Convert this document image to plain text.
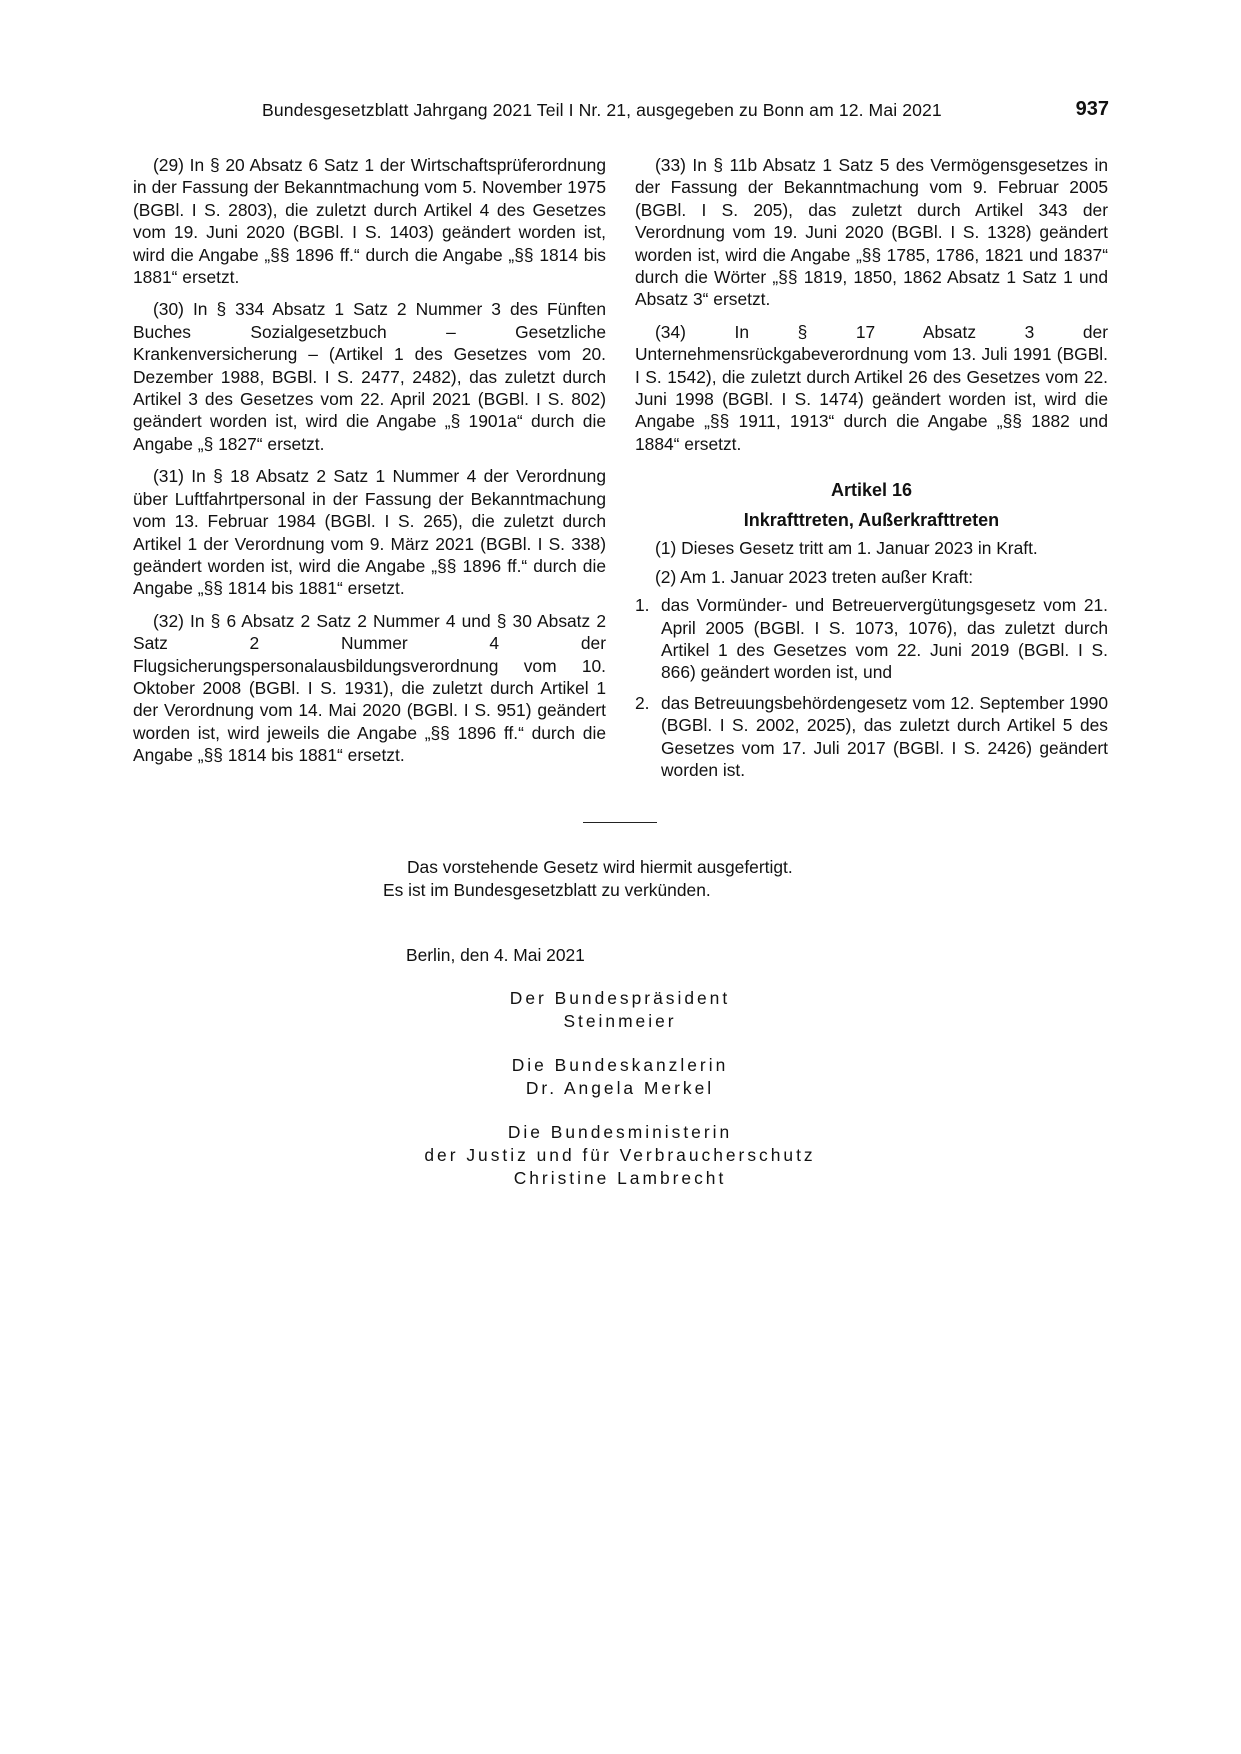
Bundesgesetzblatt Jahrgang 2021 Teil I Nr. 21, ausgegeben zu Bonn am 12. Mai 2021	937

(29) In § 20 Absatz 6 Satz 1 der Wirtschaftsprüferordnung in der Fassung der Bekanntmachung vom 5. November 1975 (BGBl. I S. 2803), die zuletzt durch Artikel 4 des Gesetzes vom 19. Juni 2020 (BGBl. I S. 1403) geändert worden ist, wird die Angabe „§§ 1896 ff.“ durch die Angabe „§§ 1814 bis 1881“ ersetzt.

(30) In § 334 Absatz 1 Satz 2 Nummer 3 des Fünften Buches Sozialgesetzbuch – Gesetzliche Krankenversicherung – (Artikel 1 des Gesetzes vom 20. Dezember 1988, BGBl. I S. 2477, 2482), das zuletzt durch Artikel 3 des Gesetzes vom 22. April 2021 (BGBl. I S. 802) geändert worden ist, wird die Angabe „§ 1901a“ durch die Angabe „§ 1827“ ersetzt.

(31) In § 18 Absatz 2 Satz 1 Nummer 4 der Verordnung über Luftfahrtpersonal in der Fassung der Bekanntmachung vom 13. Februar 1984 (BGBl. I S. 265), die zuletzt durch Artikel 1 der Verordnung vom 9. März 2021 (BGBl. I S. 338) geändert worden ist, wird die Angabe „§§ 1896 ff.“ durch die Angabe „§§ 1814 bis 1881“ ersetzt.

(32) In § 6 Absatz 2 Satz 2 Nummer 4 und § 30 Absatz 2 Satz 2 Nummer 4 der Flugsicherungspersonalausbildungsverordnung vom 10. Oktober 2008 (BGBl. I S. 1931), die zuletzt durch Artikel 1 der Verordnung vom 14. Mai 2020 (BGBl. I S. 951) geändert worden ist, wird jeweils die Angabe „§§ 1896 ff.“ durch die Angabe „§§ 1814 bis 1881“ ersetzt.

(33) In § 11b Absatz 1 Satz 5 des Vermögensgesetzes in der Fassung der Bekanntmachung vom 9. Februar 2005 (BGBl. I S. 205), das zuletzt durch Artikel 343 der Verordnung vom 19. Juni 2020 (BGBl. I S. 1328) geändert worden ist, wird die Angabe „§§ 1785, 1786, 1821 und 1837“ durch die Wörter „§§ 1819, 1850, 1862 Absatz 1 Satz 1 und Absatz 3“ ersetzt.

(34) In § 17 Absatz 3 der Unternehmensrückgabeverordnung vom 13. Juli 1991 (BGBl. I S. 1542), die zuletzt durch Artikel 26 des Gesetzes vom 22. Juni 1998 (BGBl. I S. 1474) geändert worden ist, wird die Angabe „§§ 1911, 1913“ durch die Angabe „§§ 1882 und 1884“ ersetzt.

Artikel 16
Inkrafttreten, Außerkrafttreten

(1) Dieses Gesetz tritt am 1. Januar 2023 in Kraft.

(2) Am 1. Januar 2023 treten außer Kraft:

1. das Vormünder- und Betreuervergütungsgesetz vom 21. April 2005 (BGBl. I S. 1073, 1076), das zuletzt durch Artikel 1 des Gesetzes vom 22. Juni 2019 (BGBl. I S. 866) geändert worden ist, und
2. das Betreuungsbehördengesetz vom 12. September 1990 (BGBl. I S. 2002, 2025), das zuletzt durch Artikel 5 des Gesetzes vom 17. Juli 2017 (BGBl. I S. 2426) geändert worden ist.
Das vorstehende Gesetz wird hiermit ausgefertigt.
Es ist im Bundesgesetzblatt zu verkünden.
Berlin, den 4. Mai 2021
Der Bundespräsident
Steinmeier
Die Bundeskanzlerin
Dr. Angela Merkel
Die Bundesministerin
der Justiz und für Verbraucherschutz
Christine Lambrecht
